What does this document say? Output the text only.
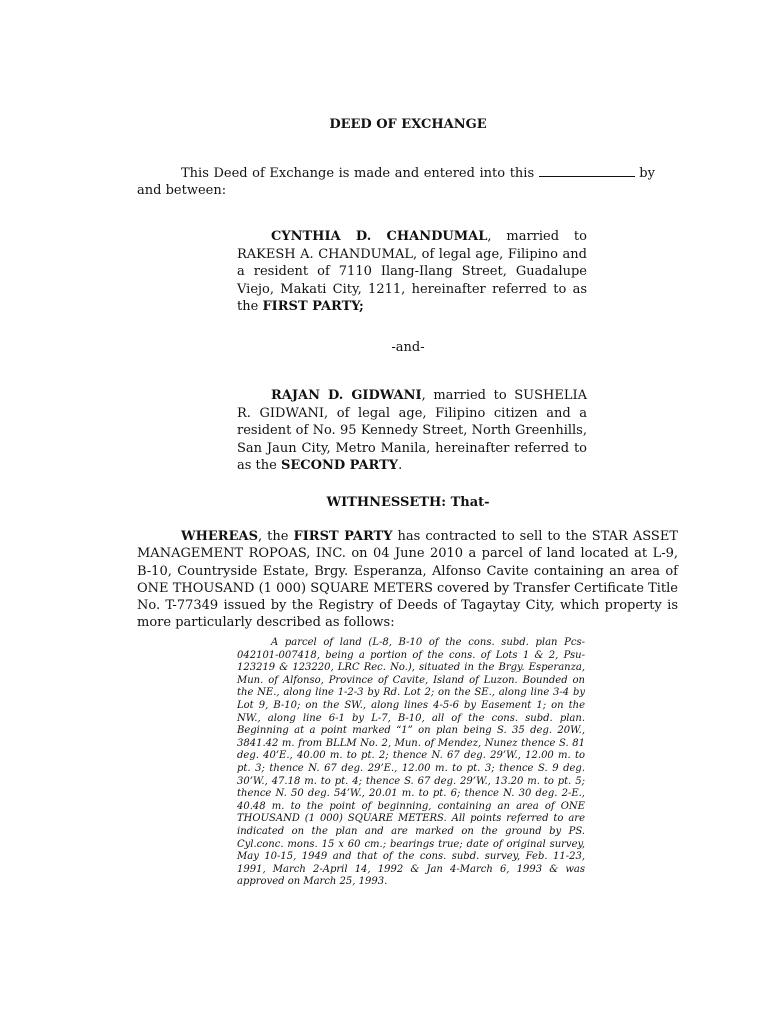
DEED OF EXCHANGE

This Deed of Exchange is made and entered into this	by and between:

CYNTHIA D. CHANDUMAL, married to RAKESH A. CHANDUMAL, of legal age, Filipino and a resident of 7110 Ilang-Ilang Street, Guadalupe Viejo, Makati City, 1211, hereinafter referred to as the FIRST PARTY;

-and-

RAJAN D. GIDWANI, married to SUSHELIA R. GIDWANI, of legal age, Filipino citizen and a resident of No. 95 Kennedy Street, North Greenhills, San Jaun City, Metro Manila, hereinafter referred to as the SECOND PARTY.

WITHNESSETH: That-

WHEREAS, the FIRST PARTY has contracted to sell to the STAR ASSET MANAGEMENT ROPOAS, INC. on 04 June 2010 a parcel of land located at L-9, B-10, Countryside Estate, Brgy. Esperanza, Alfonso Cavite containing an area of ONE THOUSAND (1 000) SQUARE METERS covered by Transfer Certificate Title No. T-77349 issued by the Registry of Deeds of Tagaytay City, which property is more particularly described as follows:

A parcel of land (L-8, B-10 of the cons. subd. plan Pcs-042101-007418, being a portion of the cons. of Lots 1 & 2, Psu-123219 & 123220, LRC Rec. No.), situated in the Brgy. Esperanza, Mun. of Alfonso, Province of Cavite, Island of Luzon. Bounded on the NE., along line 1-2-3 by Rd. Lot 2; on the SE., along line 3-4 by Lot 9, B-10; on the SW., along lines 4-5-6 by Easement 1; on the NW., along line 6-1 by L-7, B-10, all of the cons. subd. plan. Beginning at a point marked “1” on plan being S. 35 deg. 20W., 3841.42 m. from BLLM No. 2, Mun. of Mendez, Nunez thence S. 81 deg. 40’E., 40.00 m. to pt. 2; thence N. 67 deg. 29’W., 12.00 m. to pt. 3; thence N. 67 deg. 29’E., 12.00 m. to pt. 3; thence S. 9 deg. 30’W., 47.18 m. to pt. 4; thence S. 67 deg. 29’W., 13.20 m. to pt. 5; thence N. 50 deg. 54’W., 20.01 m. to pt. 6; thence N. 30 deg. 2-E., 40.48 m. to the point of beginning, containing an area of ONE THOUSAND (1 000) SQUARE METERS. All points referred to are indicated on the plan and are marked on the ground by PS. Cyl.conc. mons. 15 x 60 cm.; bearings true; date of original survey, May 10-15, 1949 and that of the cons. subd. survey, Feb. 11-23, 1991, March 2-April 14, 1992 & Jan 4-March 6, 1993 & was approved on March 25, 1993.
